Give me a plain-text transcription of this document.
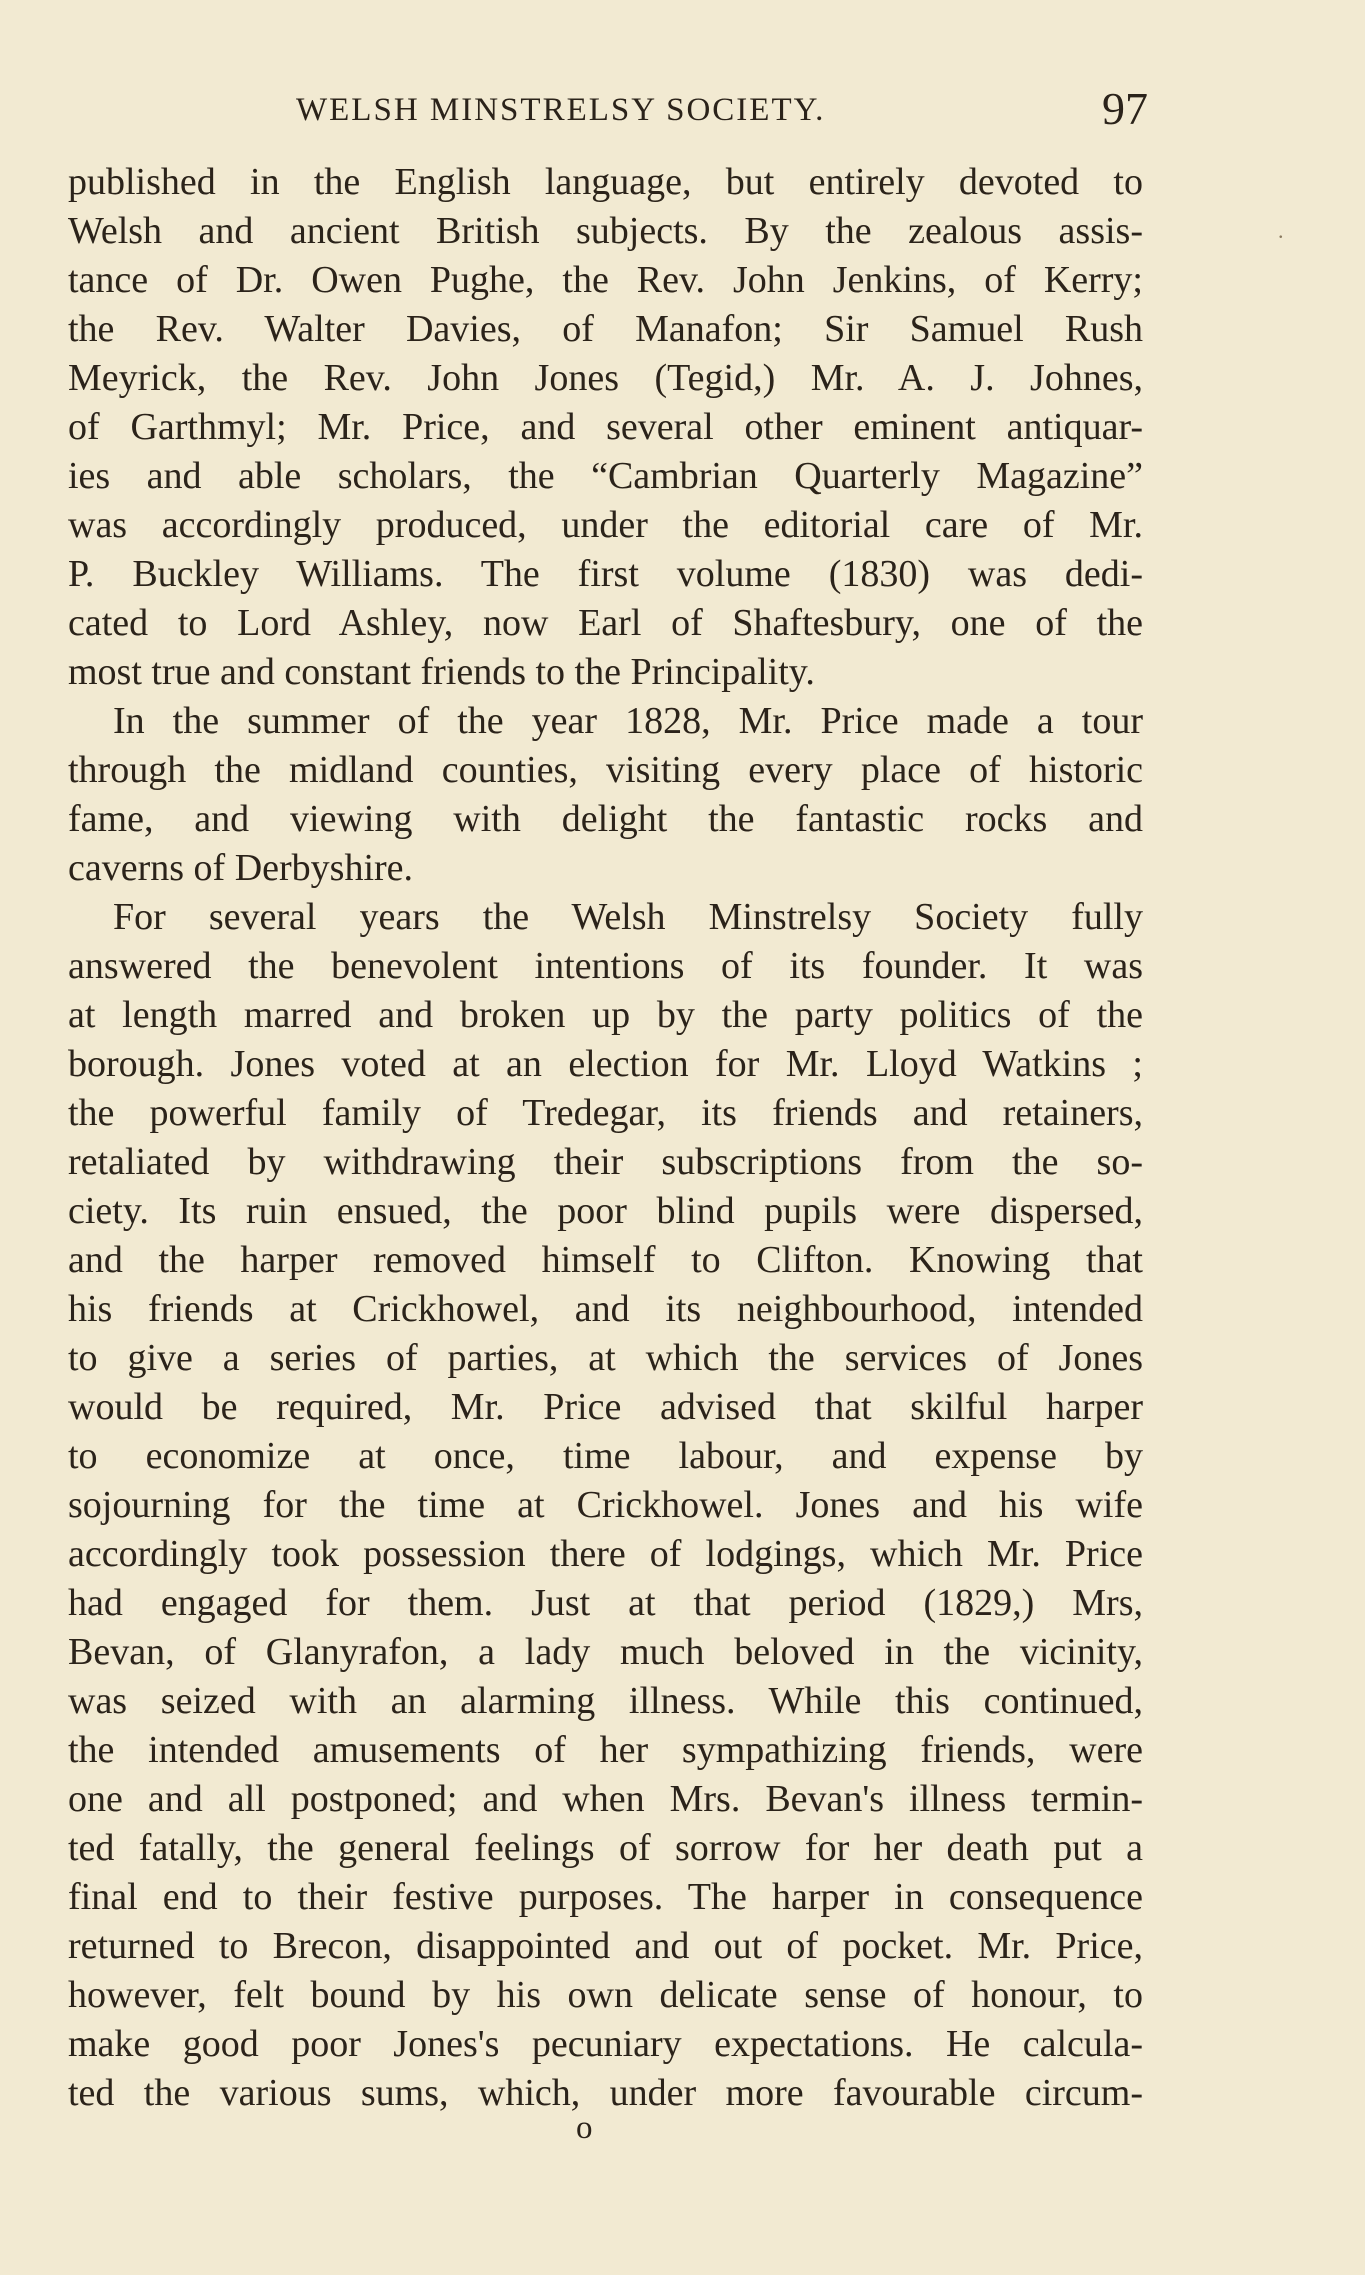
WELSH MINSTRELSY SOCIETY.	97
published in the English language, but entirely devoted to
Welsh and ancient British subjects. By the zealous assis-
tance of Dr. Owen Pughe, the Rev. John Jenkins, of Kerry;
the Rev. Walter Davies, of Manafon; Sir Samuel Rush
Meyrick, the Rev. John Jones (Tegid,) Mr. A. J. Johnes,
of Garthmyl; Mr. Price, and several other eminent antiquar-
ies and able scholars, the “Cambrian Quarterly Magazine”
was accordingly produced, under the editorial care of Mr.
P. Buckley Williams. The first volume (1830) was dedi-
cated to Lord Ashley, now Earl of Shaftesbury, one of the
most true and constant friends to the Principality.
In the summer of the year 1828, Mr. Price made a tour
through the midland counties, visiting every place of historic
fame, and viewing with delight the fantastic rocks and
caverns of Derbyshire.
For several years the Welsh Minstrelsy Society fully
answered the benevolent intentions of its founder. It was
at length marred and broken up by the party politics of the
borough. Jones voted at an election for Mr. Lloyd Watkins ;
the powerful family of Tredegar, its friends and retainers,
retaliated by withdrawing their subscriptions from the so-
ciety. Its ruin ensued, the poor blind pupils were dispersed,
and the harper removed himself to Clifton. Knowing that
his friends at Crickhowel, and its neighbourhood, intended
to give a series of parties, at which the services of Jones
would be required, Mr. Price advised that skilful harper
to economize at once, time labour, and expense by
sojourning for the time at Crickhowel. Jones and his wife
accordingly took possession there of lodgings, which Mr. Price
had engaged for them. Just at that period (1829,) Mrs,
Bevan, of Glanyrafon, a lady much beloved in the vicinity,
was seized with an alarming illness. While this continued,
the intended amusements of her sympathizing friends, were
one and all postponed; and when Mrs. Bevan's illness termin-
ted fatally, the general feelings of sorrow for her death put a
final end to their festive purposes. The harper in consequence
returned to Brecon, disappointed and out of pocket. Mr. Price,
however, felt bound by his own delicate sense of honour, to
make good poor Jones's pecuniary expectations. He calcula-
ted the various sums, which, under more favourable circum-
.
o
